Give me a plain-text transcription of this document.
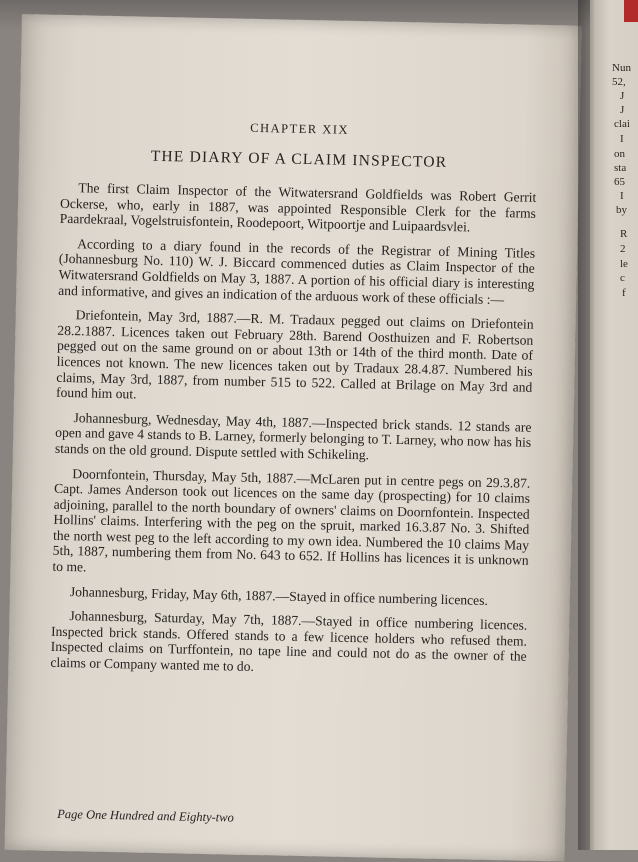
Nun
52,
J
J
clai
I
on
sta
65
I
by
R
2
le
c
f
CHAPTER XIX
THE DIARY OF A CLAIM INSPECTOR

The first Claim Inspector of the Witwatersrand Goldfields was Robert Gerrit Ockerse, who, early in 1887, was appointed Responsible Clerk for the farms Paardekraal, Vogelstruisfontein, Roodepoort, Witpoortje and Luipaardsvlei.

According to a diary found in the records of the Registrar of Mining Titles (Johannesburg No. 110) W. J. Biccard commenced duties as Claim Inspector of the Witwatersrand Goldfields on May 3, 1887. A portion of his official diary is interesting and informative, and gives an indication of the arduous work of these officials :—

Driefontein, May 3rd, 1887.—R. M. Tradaux pegged out claims on Driefontein 28.2.1887. Licences taken out February 28th. Barend Oosthuizen and F. Robertson pegged out on the same ground on or about 13th or 14th of the third month. Date of licences not known. The new licences taken out by Tradaux 28.4.87. Numbered his claims, May 3rd, 1887, from number 515 to 522. Called at Brilage on May 3rd and found him out.

Johannesburg, Wednesday, May 4th, 1887.—Inspected brick stands. 12 stands are open and gave 4 stands to B. Larney, formerly belonging to T. Larney, who now has his stands on the old ground. Dispute settled with Schikeling.

Doornfontein, Thursday, May 5th, 1887.—McLaren put in centre pegs on 29.3.87. Capt. James Anderson took out licences on the same day (prospecting) for 10 claims adjoining, parallel to the north boundary of owners' claims on Doornfontein. Inspected Hollins' claims. Interfering with the peg on the spruit, marked 16.3.87 No. 3. Shifted the north west peg to the left according to my own idea. Numbered the 10 claims May 5th, 1887, numbering them from No. 643 to 652. If Hollins has licences it is unknown to me.

Johannesburg, Friday, May 6th, 1887.—Stayed in office numbering licences.

Johannesburg, Saturday, May 7th, 1887.—Stayed in office numbering licences. Inspected brick stands. Offered stands to a few licence holders who refused them. Inspected claims on Turffontein, no tape line and could not do as the owner of the claims or Company wanted me to do.

Page One Hundred and Eighty-two
